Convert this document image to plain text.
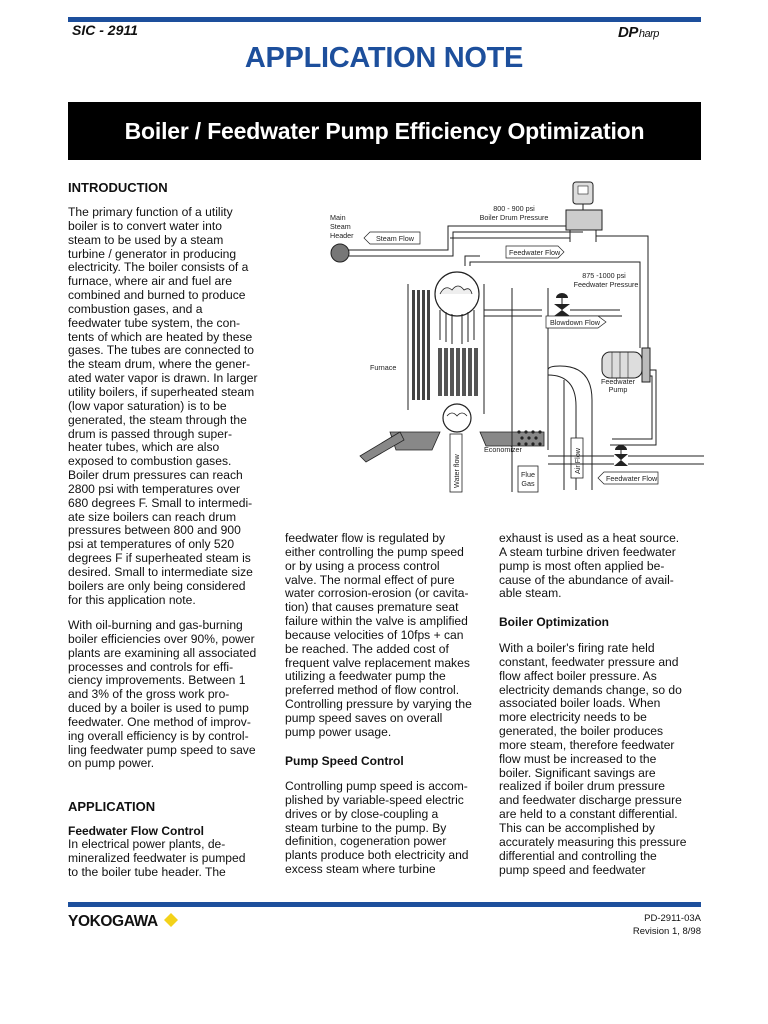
SIC - 2911	DPharp
APPLICATION NOTE
Boiler / Feedwater Pump Efficiency Optimization
INTRODUCTION
The primary function of a utility
boiler is to convert water into
steam to be used by a steam
turbine / generator in producing
electricity. The boiler consists of a
furnace, where air and fuel are
combined and burned to produce
combustion gases, and a
feedwater tube system, the con-
tents of which are heated by these
gases. The tubes are connected to
the steam drum, where the gener-
ated water vapor is drawn. In larger
utility boilers, if superheated steam
(low vapor saturation) is to be
generated, the steam through the
drum is passed through super-
heater tubes, which are also
exposed to combustion gases.
Boiler drum pressures can reach
2800 psi with temperatures over
680 degrees F. Small to intermedi-
ate size boilers can reach drum
pressures between 800 and 900
psi at temperatures of only 520
degrees F if superheated steam is
desired. Small to intermediate size
boilers are only being considered
for this application note.
With oil-burning and gas-burning
boiler efficiencies over 90%, power
plants are examining all associated
processes and controls for effi-
ciency improvements. Between 1
and 3% of the gross work pro-
duced by a boiler is used to pump
feedwater. One method of improv-
ing overall efficiency is by control-
ling feedwater pump speed to save
on pump power.
APPLICATION
Feedwater Flow Control
In electrical power plants, de-
mineralized feedwater is pumped
to the boiler tube header. The
feedwater flow is regulated by
either controlling the pump speed
or by using a process control
valve. The normal effect of pure
water corrosion-erosion (or cavita-
tion) that causes premature seat
failure within the valve is amplified
because velocities of 10fps + can
be reached. The added cost of
frequent valve replacement makes
utilizing a feedwater pump the
preferred method of flow control.
Controlling pressure by varying the
pump speed saves on overall
pump power usage.
Pump Speed Control
Controlling pump speed is accom-
plished by variable-speed electric
drives or by close-coupling a
steam turbine to the pump. By
definition, cogeneration power
plants produce both electricity and
excess steam where turbine
exhaust is used as a heat source.
A steam turbine driven feedwater
pump is most often applied be-
cause of the abundance of avail-
able steam.
Boiler Optimization
With a boiler's firing rate held
constant, feedwater pressure and
flow affect boiler pressure. As
electricity demands change, so do
associated boiler loads. When
more electricity needs to be
generated, the boiler produces
more steam, therefore feedwater
flow must be increased to the
boiler. Significant savings are
realized if boiler drum pressure
and feedwater discharge pressure
are held to a constant differential.
This can be accomplished by
accurately measuring this pressure
differential and controlling the
pump speed and feedwater
800 - 900 psi
Boiler Drum Pressure
Main
Steam
Header	Steam Flow
Feedwater Flow
875 -1000 psi
Feedwater Pressure
Blowdown Flow
Furnace
Feedwater
Pump
Economizer
Water flow	Air Flow
Flue
Gas
Feedwater Flow
YOKOGAWA	PD-2911-03A
Revision 1, 8/98
